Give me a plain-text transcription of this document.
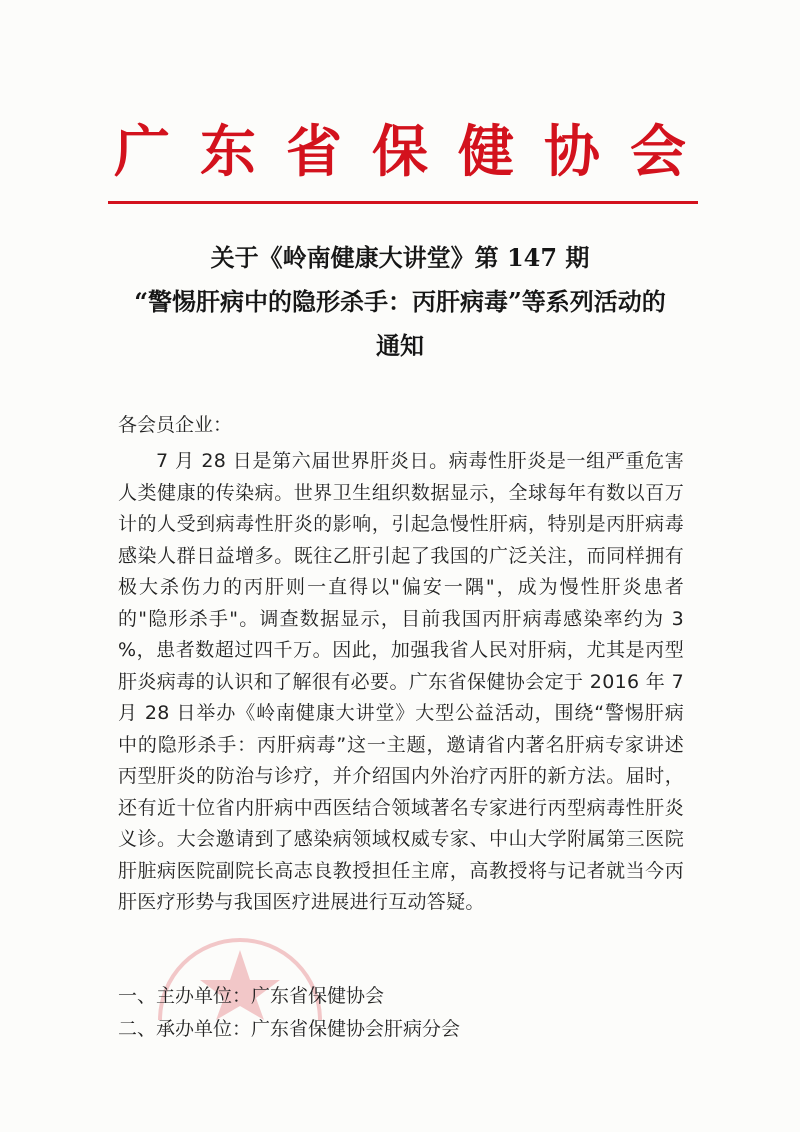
广东省保健协会
关于《岭南健康大讲堂》第 147 期
“警惕肝病中的隐形杀手：丙肝病毒”等系列活动的
通知
各会员企业：
7 月 28 日是第六届世界肝炎日。病毒性肝炎是一组严重危害人类健康的传染病。世界卫生组织数据显示，全球每年有数以百万计的人受到病毒性肝炎的影响，引起急慢性肝病，特别是丙肝病毒感染人群日益增多。既往乙肝引起了我国的广泛关注，而同样拥有极大杀伤力的丙肝则一直得以"偏安一隅"，成为慢性肝炎患者的"隐形杀手"。调查数据显示，目前我国丙肝病毒感染率约为 3 %，患者数超过四千万。因此，加强我省人民对肝病，尤其是丙型肝炎病毒的认识和了解很有必要。广东省保健协会定于 2016 年 7 月 28 日举办《岭南健康大讲堂》大型公益活动，围绕“警惕肝病中的隐形杀手：丙肝病毒”这一主题，邀请省内著名肝病专家讲述丙型肝炎的防治与诊疗，并介绍国内外治疗丙肝的新方法。届时，还有近十位省内肝病中西医结合领域著名专家进行丙型病毒性肝炎义诊。大会邀请到了感染病领域权威专家、中山大学附属第三医院肝脏病医院副院长高志良教授担任主席，高教授将与记者就当今丙肝医疗形势与我国医疗进展进行互动答疑。
一、主办单位：广东省保健协会
二、承办单位：广东省保健协会肝病分会
